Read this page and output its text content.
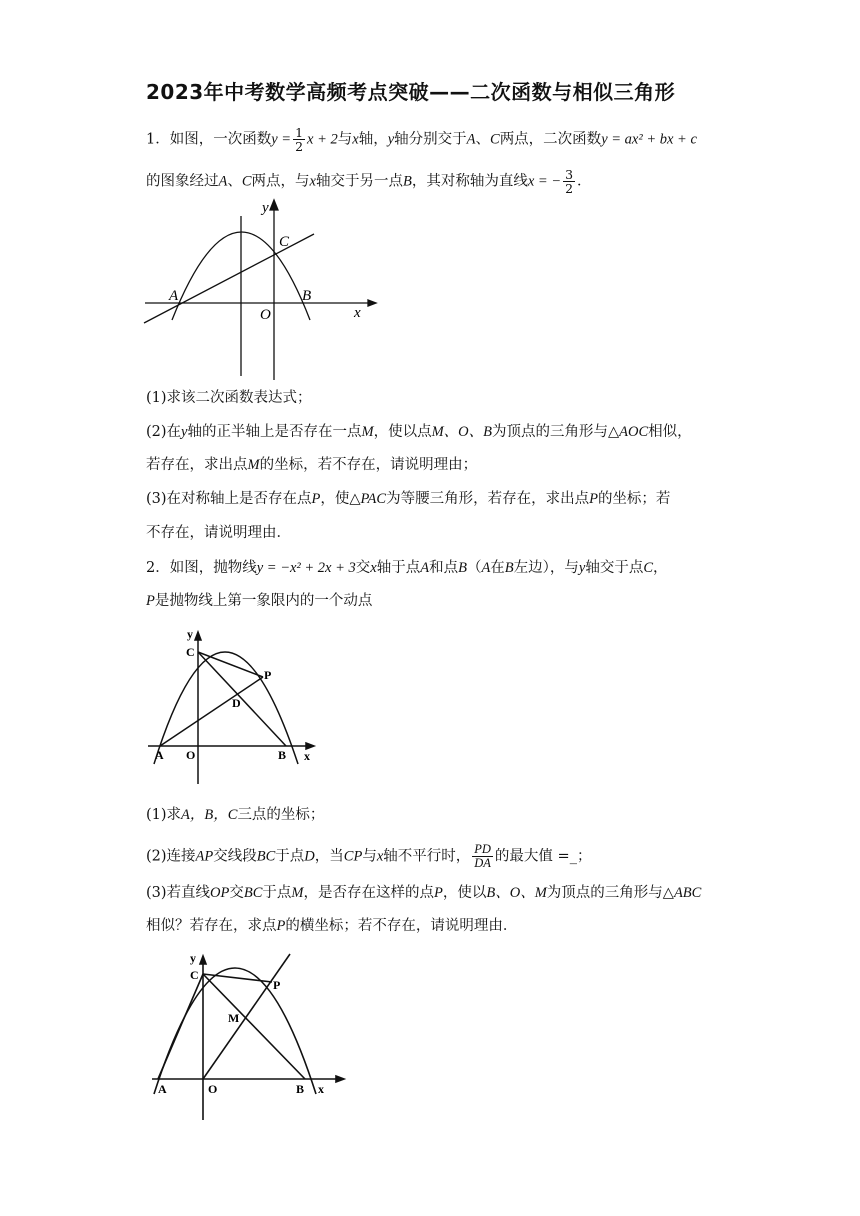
2023年中考数学高频考点突破——二次函数与相似三角形
1．如图，一次函数$y = \frac{1}{2}$ x + 2与x轴，y轴分别交于A、C两点，二次函数y = ax² + bx + c
的图象经过A、C两点，与x轴交于另一点B，其对称轴为直线x = − $\frac{3}{2}$ ．
y
C
A	B
O	x
(1)求该二次函数表达式；
(2)在y轴的正半轴上是否存在一点M，使以点M、O、B为顶点的三角形与△AOC相似，
若存在，求出点M的坐标，若不存在，请说明理由；
(3)在对称轴上是否存在点P，使△PAC为等腰三角形，若存在，求出点P的坐标；若
不存在，请说明理由．
2．如图，抛物线y = −x² + 2x + 3交x轴于点A和点B（A在B左边），与y轴交于点C，
P是抛物线上第一象限内的一个动点
y
C
P
D
A O	B x
(1)求A，B，C三点的坐标；
(2)连接AP交线段BC于点D，当CP与x轴不平行时， $\frac{PD}{DA}$ 的最大值 =_；
(3)若直线OP交BC于点M，是否存在这样的点P，使以B、O、M为顶点的三角形与△ABC
相似？若存在，求点P的横坐标；若不存在，请说明理由．
y
C
P
M
A	O	B x
